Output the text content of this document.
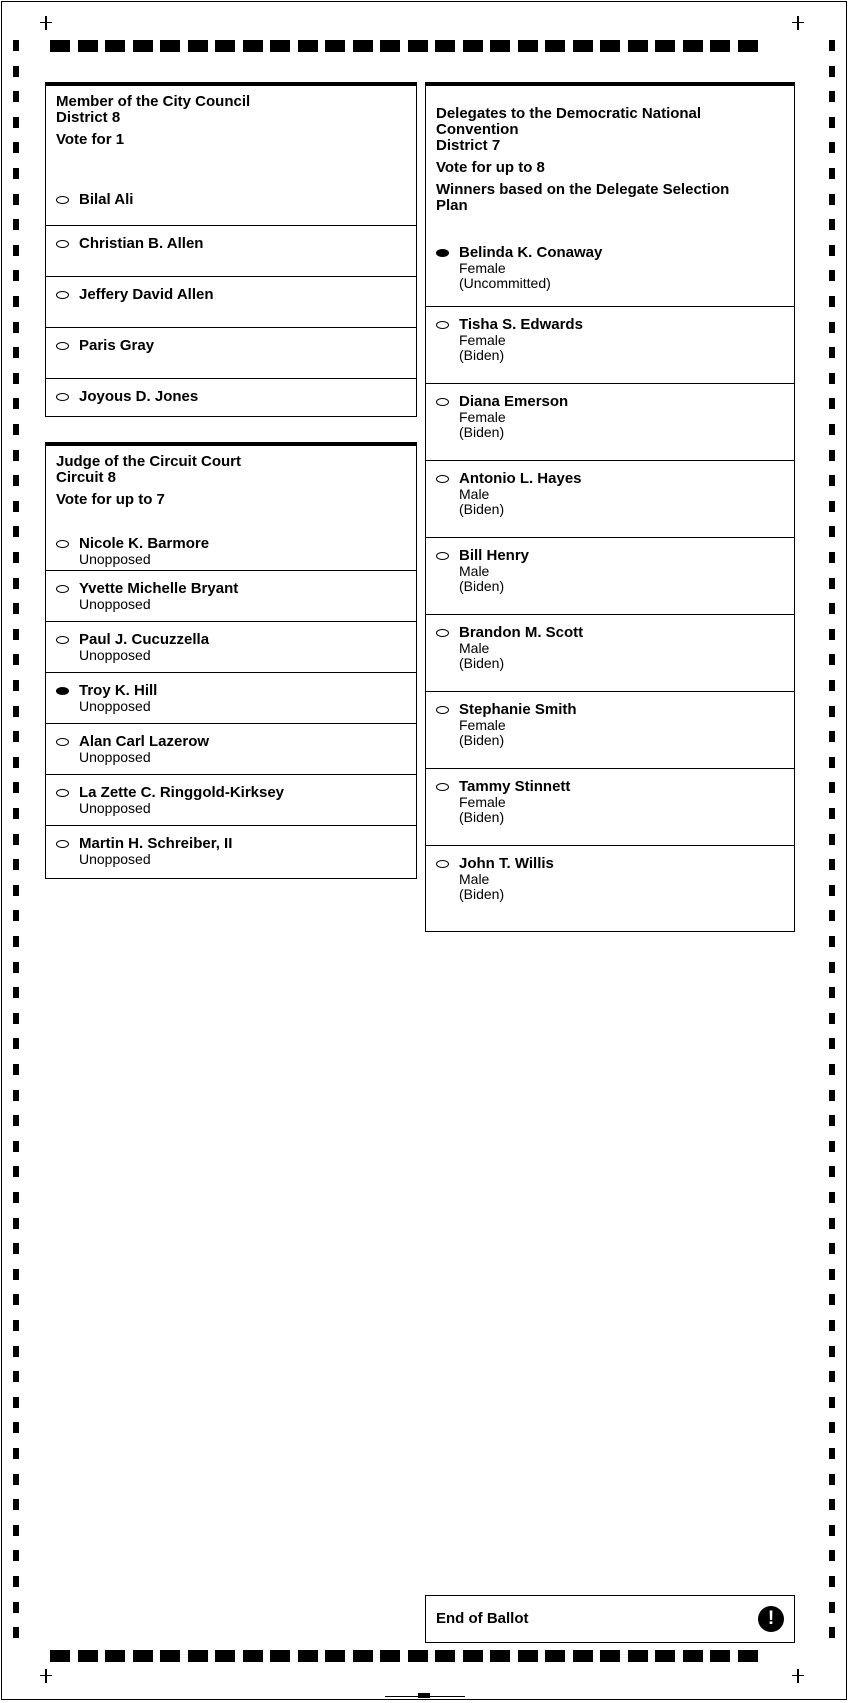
Member of the City Council
District 8
Vote for 1
Bilal Ali
Christian B. Allen
Jeffery David Allen
Paris Gray
Joyous D. Jones
Judge of the Circuit Court
Circuit 8
Vote for up to 7
Nicole K. Barmore
Unopposed
Yvette Michelle Bryant
Unopposed
Paul J. Cucuzzella
Unopposed
Troy K. Hill
Unopposed
Alan Carl Lazerow
Unopposed
La Zette C. Ringgold-Kirksey
Unopposed
Martin H. Schreiber, II
Unopposed
Delegates to the Democratic National
Convention
District 7
Vote for up to 8
Winners based on the Delegate Selection
Plan
Belinda K. Conaway
Female
(Uncommitted)
Tisha S. Edwards
Female
(Biden)
Diana Emerson
Female
(Biden)
Antonio L. Hayes
Male
(Biden)
Bill Henry
Male
(Biden)
Brandon M. Scott
Male
(Biden)
Stephanie Smith
Female
(Biden)
Tammy Stinnett
Female
(Biden)
John T. Willis
Male
(Biden)
End of Ballot	!
